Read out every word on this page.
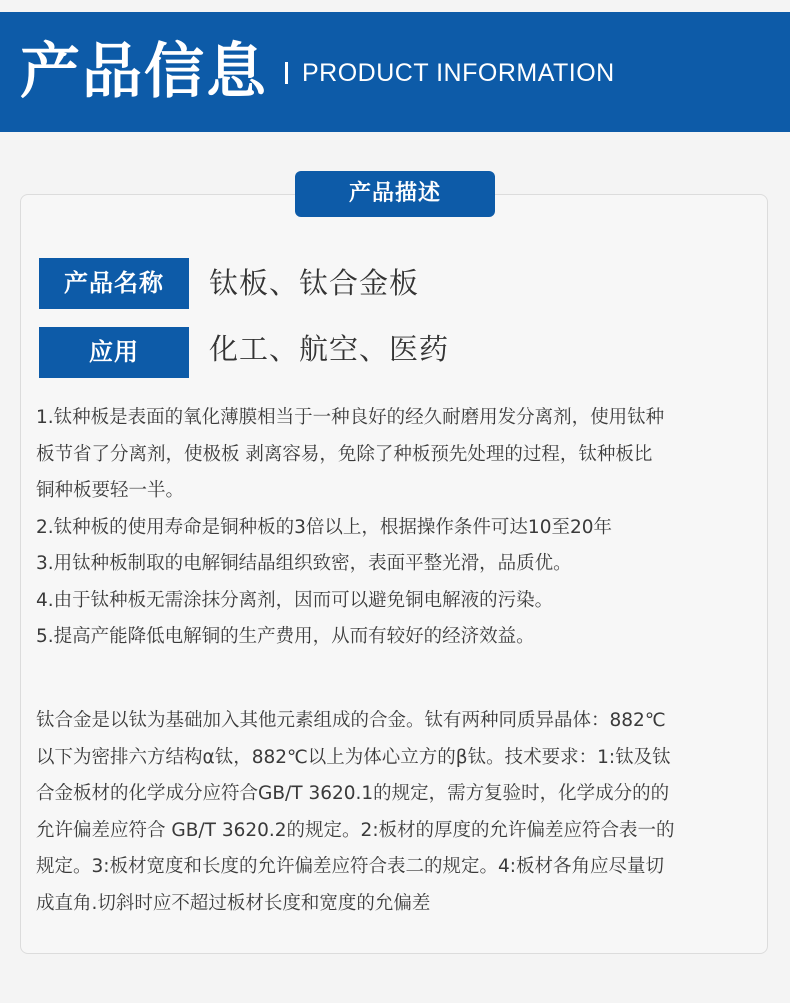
产品信息 PRODUCT INFORMATION
产品描述
产品名称	钛板、钛合金板
应用	化工、航空、医药

1.钛种板是表面的氧化薄膜相当于一种良好的经久耐磨用发分离剂，使用钛种

板节省了分离剂，使极板 剥离容易，免除了种板预先处理的过程，钛种板比

铜种板要轻一半。

2.钛种板的使用寿命是铜种板的3倍以上，根据操作条件可达10至20年

3.用钛种板制取的电解铜结晶组织致密，表面平整光滑，品质优。

4.由于钛种板无需涂抹分离剂，因而可以避免铜电解液的污染。

5.提高产能降低电解铜的生产费用，从而有较好的经济效益。

钛合金是以钛为基础加入其他元素组成的合金。钛有两种同质异晶体：882℃

以下为密排六方结构α钛，882℃以上为体心立方的β钛。技术要求：1:钛及钛

合金板材的化学成分应符合GB/T 3620.1的规定，需方复验时，化学成分的的

允许偏差应符合 GB/T 3620.2的规定。2:板材的厚度的允许偏差应符合表一的

规定。3:板材宽度和长度的允许偏差应符合表二的规定。4:板材各角应尽量切

成直角.切斜时应不超过板材长度和宽度的允偏差
